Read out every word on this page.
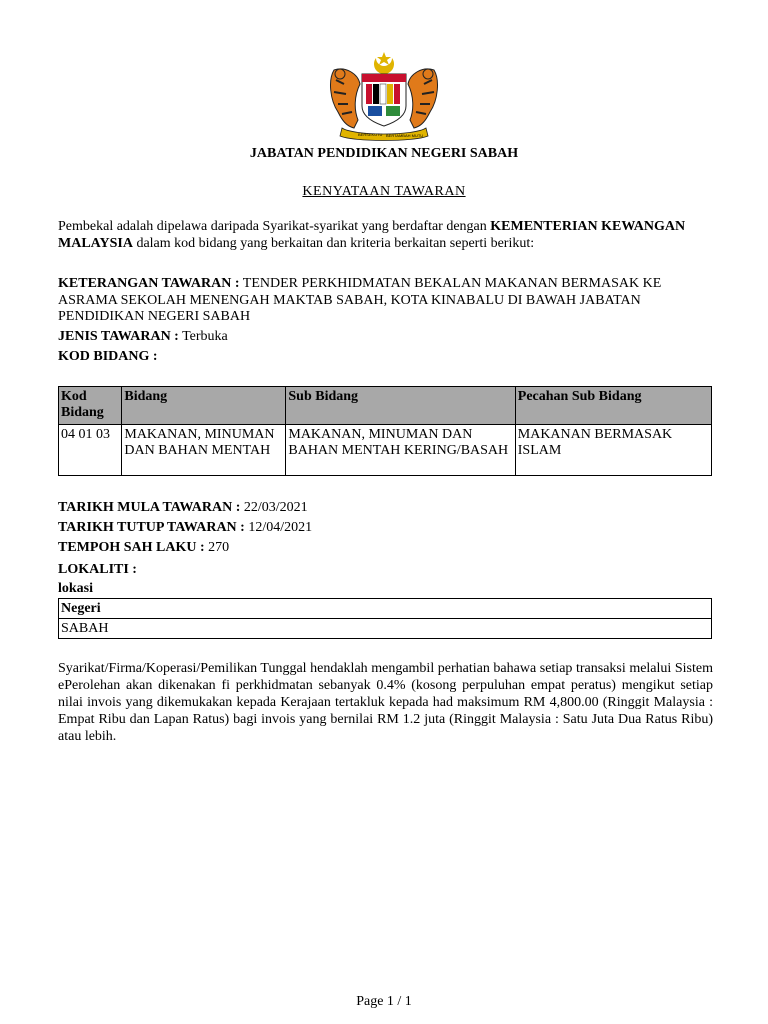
BERSEKUTU BERTAMBAH MUTU
JABATAN PENDIDIKAN NEGERI SABAH
KENYATAAN TAWARAN
Pembekal adalah dipelawa daripada Syarikat-syarikat yang berdaftar dengan KEMENTERIAN KEWANGAN MALAYSIA dalam kod bidang yang berkaitan dan kriteria berkaitan seperti berikut:
KETERANGAN TAWARAN : TENDER PERKHIDMATAN BEKALAN MAKANAN BERMASAK KE ASRAMA SEKOLAH MENENGAH MAKTAB SABAH, KOTA KINABALU DI BAWAH JABATAN PENDIDIKAN NEGERI SABAH
JENIS TAWARAN : Terbuka
KOD BIDANG :
Kod Bidang	Bidang	Sub Bidang	Pecahan Sub Bidang
04 01 03	MAKANAN, MINUMAN DAN BAHAN MENTAH	MAKANAN, MINUMAN DAN BAHAN MENTAH KERING/BASAH	MAKANAN BERMASAK ISLAM
TARIKH MULA TAWARAN : 22/03/2021
TARIKH TUTUP TAWARAN : 12/04/2021
TEMPOH SAH LAKU : 270
LOKALITI :
lokasi
Negeri
SABAH
Syarikat/Firma/Koperasi/Pemilikan Tunggal hendaklah mengambil perhatian bahawa setiap transaksi melalui Sistem ePerolehan akan dikenakan fi perkhidmatan sebanyak 0.4% (kosong perpuluhan empat peratus) mengikut setiap nilai invois yang dikemukakan kepada Kerajaan tertakluk kepada had maksimum RM 4,800.00 (Ringgit Malaysia : Empat Ribu dan Lapan Ratus) bagi invois yang bernilai RM 1.2 juta (Ringgit Malaysia : Satu Juta Dua Ratus Ribu) atau lebih.
Page 1 / 1
